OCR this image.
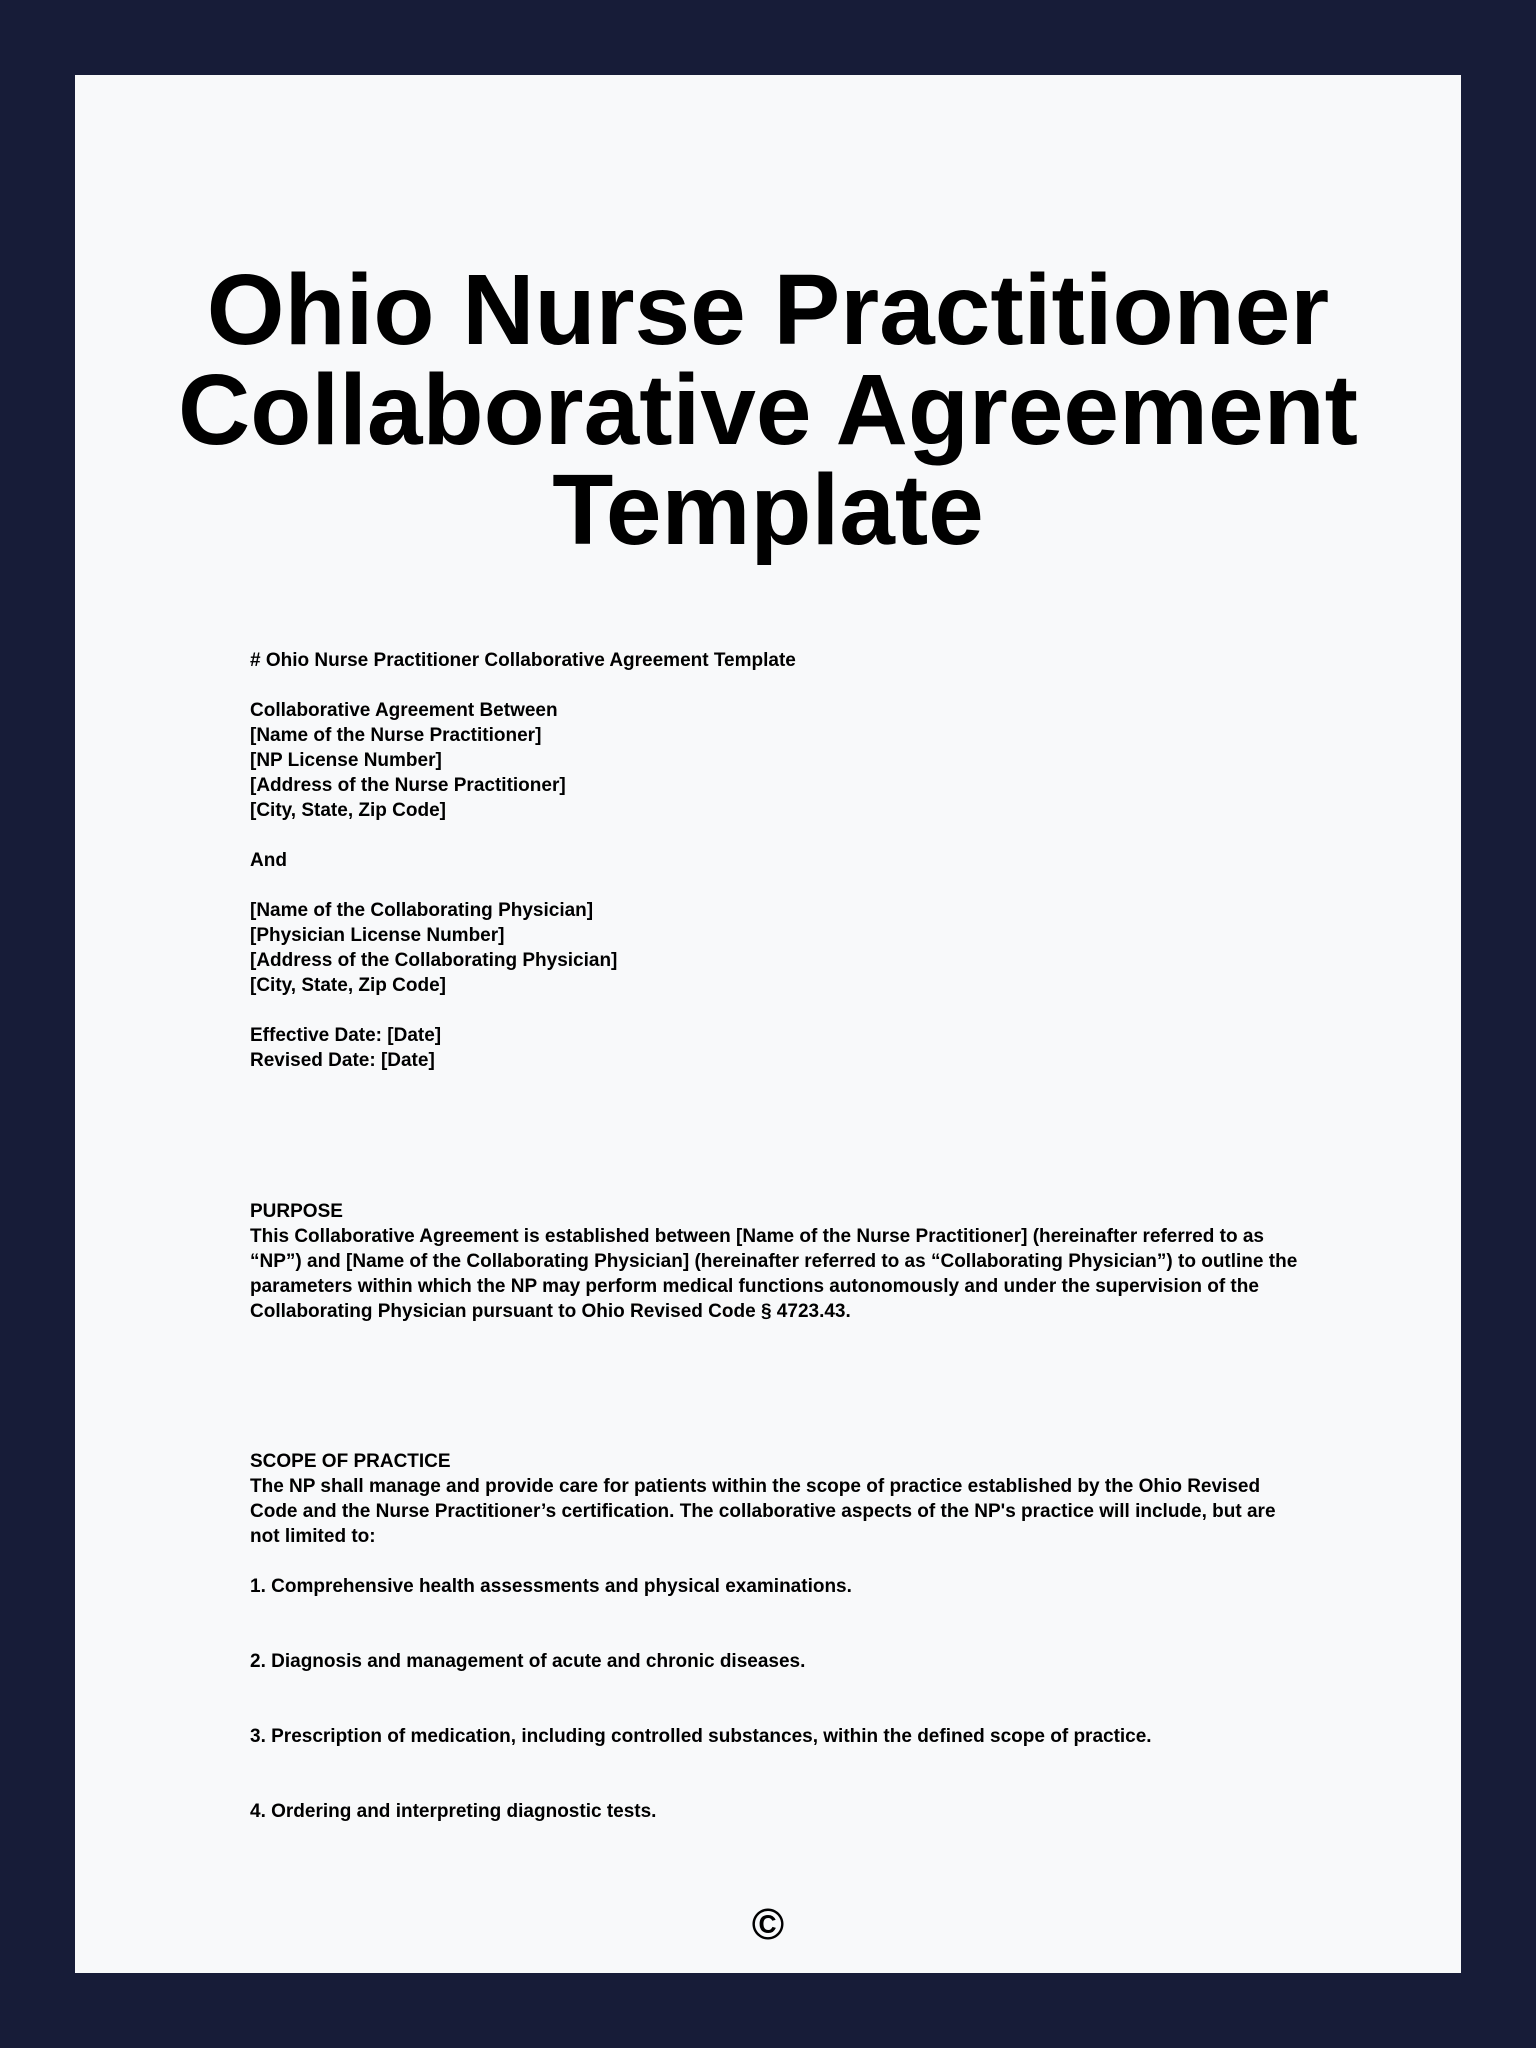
Ohio Nurse Practitioner
Collaborative Agreement
Template

# Ohio Nurse Practitioner Collaborative Agreement Template

Collaborative Agreement Between

[Name of the Nurse Practitioner]

[NP License Number]

[Address of the Nurse Practitioner]

[City, State, Zip Code]

And

[Name of the Collaborating Physician]

[Physician License Number]

[Address of the Collaborating Physician]

[City, State, Zip Code]

Effective Date: [Date]

Revised Date: [Date]

PURPOSE

This Collaborative Agreement is established between [Name of the Nurse Practitioner] (hereinafter referred to as “NP”) and [Name of the Collaborating Physician] (hereinafter referred to as “Collaborating Physician”) to outline the parameters within which the NP may perform medical functions autonomously and under the supervision of the Collaborating Physician pursuant to Ohio Revised Code § 4723.43.

SCOPE OF PRACTICE

The NP shall manage and provide care for patients within the scope of practice established by the Ohio Revised Code and the Nurse Practitioner’s certification. The collaborative aspects of the NP's practice will include, but are not limited to:

1. Comprehensive health assessments and physical examinations.

2. Diagnosis and management of acute and chronic diseases.

3. Prescription of medication, including controlled substances, within the defined scope of practice.

4. Ordering and interpreting diagnostic tests.

©
